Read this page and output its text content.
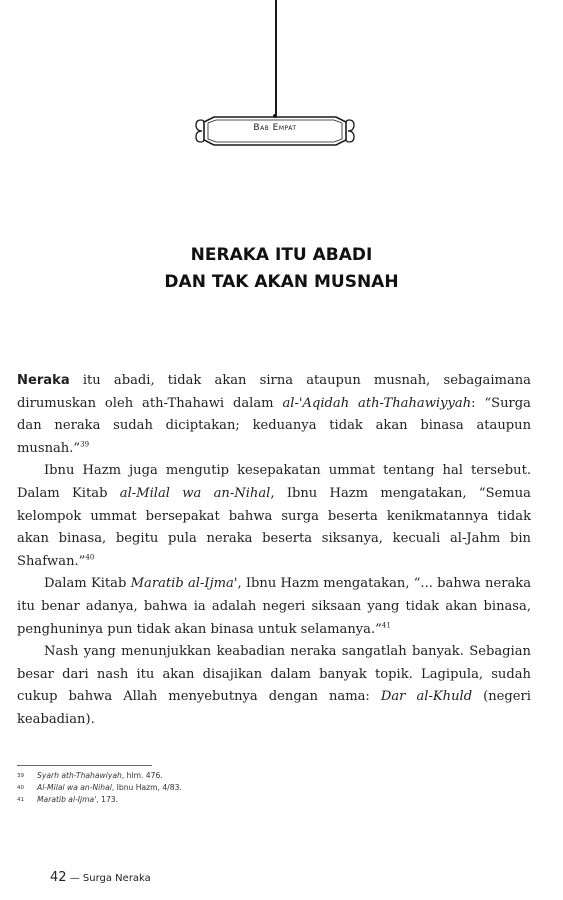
Bab Empat
NERAKA ITU ABADI
DAN TAK AKAN MUSNAH

Neraka itu abadi, tidak akan sirna ataupun musnah, sebagaimana dirumuskan oleh ath-Thahawi dalam al-'Aqidah ath-Thahawiyyah: “Surga dan neraka sudah diciptakan; keduanya tidak akan binasa ataupun musnah.”$^{39}$

Ibnu Hazm juga mengutip kesepakatan ummat tentang hal tersebut. Dalam Kitab al-Milal wa an-Nihal, Ibnu Hazm mengatakan, “Semua kelompok ummat bersepakat bahwa surga beserta kenikmatannya tidak akan binasa, begitu pula neraka beserta siksanya, kecuali al-Jahm bin Shafwan.”$^{40}$

Dalam Kitab Maratib al-Ijma', Ibnu Hazm mengatakan, “... bahwa neraka itu benar adanya, bahwa ia adalah negeri siksaan yang tidak akan binasa, penghuninya pun tidak akan binasa untuk selamanya.”$^{41}$

Nash yang menunjukkan keabadian neraka sangatlah banyak. Sebagian besar dari nash itu akan disajikan dalam banyak topik. Lagipula, sudah cukup bahwa Allah menyebutnya dengan nama: Dar al-Khuld (negeri keabadian).

39	Syarh ath-Thahawiyah, hlm. 476.
40	Al-Milal wa an-Nihal, Ibnu Hazm, 4/83.
41	Maratib al-Ijma', 173.
42 — Surga Neraka
